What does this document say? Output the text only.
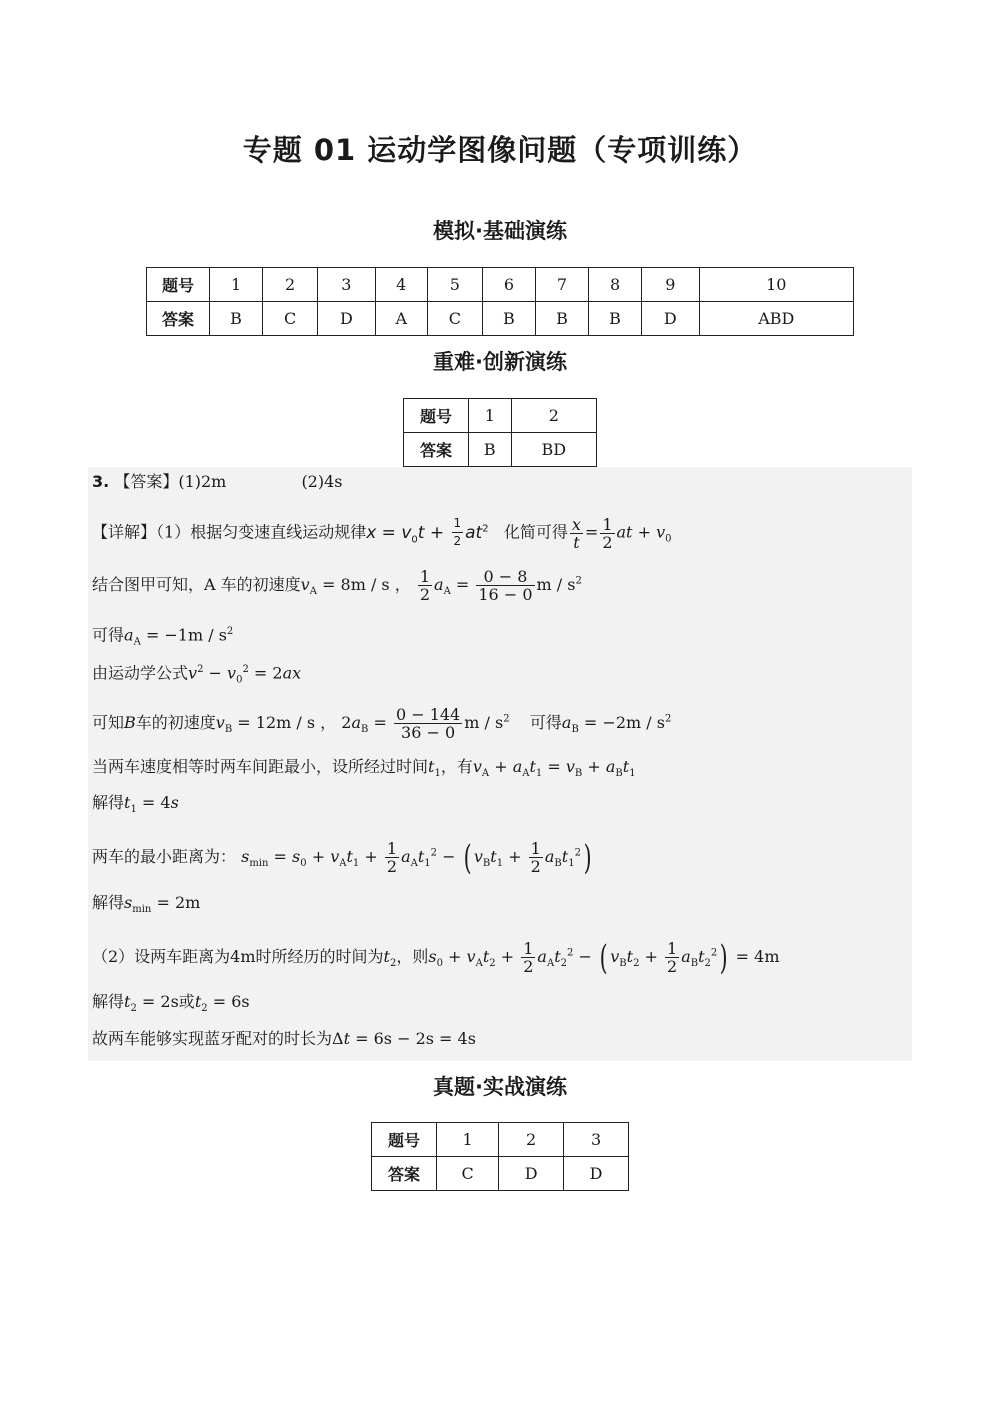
专题 01 运动学图像问题（专项训练）
模拟·基础演练
题号	1	2	3	4	5	6	7	8	9	10
答案	B	C	D	A	C	B	B	B	D	ABD
重难·创新演练
题号	1	2
答案	B	BD
3. 【答案】(1)2m	(2)4s
【详解】（1）根据匀变速直线运动规律$x = v_0t + \frac{1}{2} at^2$ 化简可得 $\frac{x}{t} = \frac{1}{2}$ at + $v_0$
结合图甲可知，A 车的初速度$v_A = 8m / s$ ， $\frac{1}{2} a_A = \frac{0 - 8}{16 - 0}$ m / $s^2$
可得$a_A = -1m / s^2$
由运动学公式$v^2 - v_0^2 = 2ax$
可知B车的初速度$v_B = 12m / s$ ， $2a_B = \frac{0 - 144}{36 - 0}$ m / $s^2$ 可得$a_B = -2m / s^2$
当两车速度相等时两车间距最小，设所经过时间$t_1$，有$v_A + a_At_1 = v_B + a_Bt_1$
解得$t_1 = 4s$
两车的最小距离为： $s_{min} = s_0 + v_At_1 + \frac{1}{2} a_At_1^2$ − ( $v_Bt_1 + \frac{1}{2} a_Bt_1^2$)
解得$s_{min} = 2m$
（2）设两车距离为4m时所经历的时间为$t_2$，则$s_0 + v_At_2 + \frac{1}{2} a_At_2^2$ − ( $v_Bt_2 + \frac{1}{2} a_Bt_2^2) = 4m$
解得$t_2 = 2s$或$t_2 = 6s$
故两车能够实现蓝牙配对的时长为Δt = 6s − 2s = 4s
真题·实战演练
题号	1	2	3
答案	C	D	D
